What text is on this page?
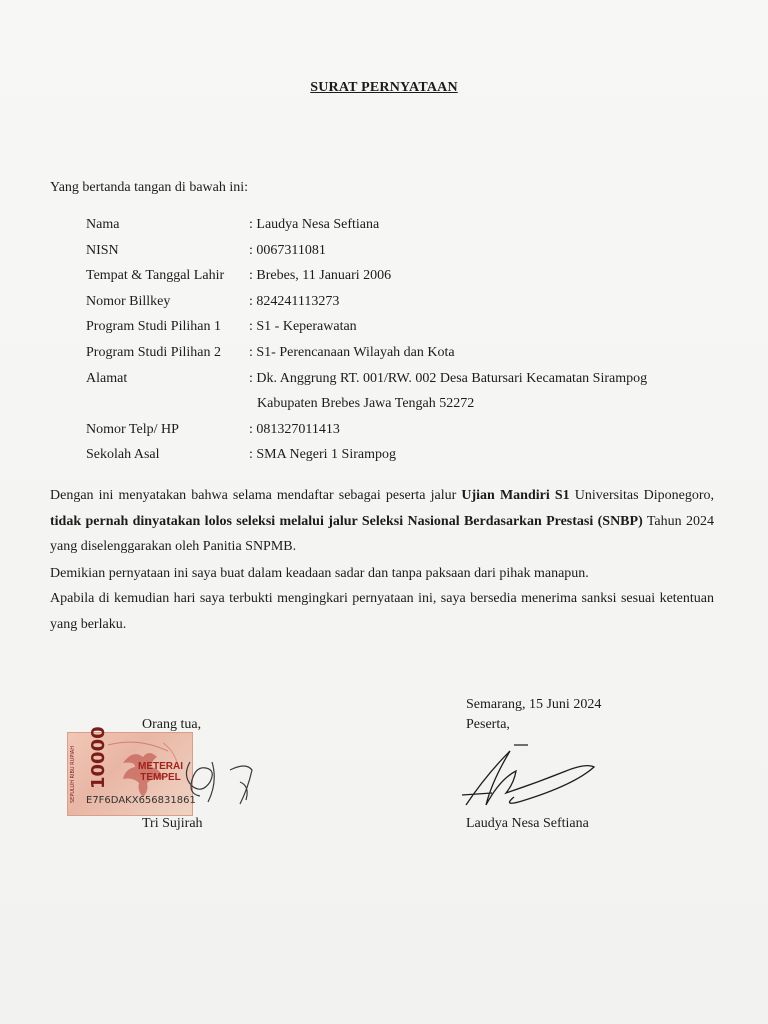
SURAT PERNYATAAN
Yang bertanda tangan di bawah ini:
Nama	: Laudya Nesa Seftiana
NISN	: 0067311081
Tempat & Tanggal Lahir	: Brebes, 11 Januari 2006
Nomor Billkey	: 824241113273
Program Studi Pilihan 1	: S1 - Keperawatan
Program Studi Pilihan 2	: S1- Perencanaan Wilayah dan Kota
Alamat	: Dk. Anggrung RT. 001/RW. 002 Desa Batursari Kecamatan Sirampog
Kabupaten Brebes Jawa Tengah 52272
Nomor Telp/ HP	: 081327011413
Sekolah Asal	: SMA Negeri 1 Sirampog
Dengan ini menyatakan bahwa selama mendaftar sebagai peserta jalur Ujian Mandiri S1 Universitas Diponegoro, tidak pernah dinyatakan lolos seleksi melalui jalur Seleksi Nasional Berdasarkan Prestasi (SNBP) Tahun 2024 yang diselenggarakan oleh Panitia SNPMB.
Demikian pernyataan ini saya buat dalam keadaan sadar dan tanpa paksaan dari pihak manapun.
Apabila di kemudian hari saya terbukti mengingkari pernyataan ini, saya bersedia menerima sanksi sesuai ketentuan yang berlaku.
Orang tua,
SEPULUH RIBU RUPIAH 10000	METERAI
TEMPEL
E7F6DAKX656831861
Tri Sujirah
Semarang, 15 Juni 2024
Peserta,
Laudya Nesa Seftiana
